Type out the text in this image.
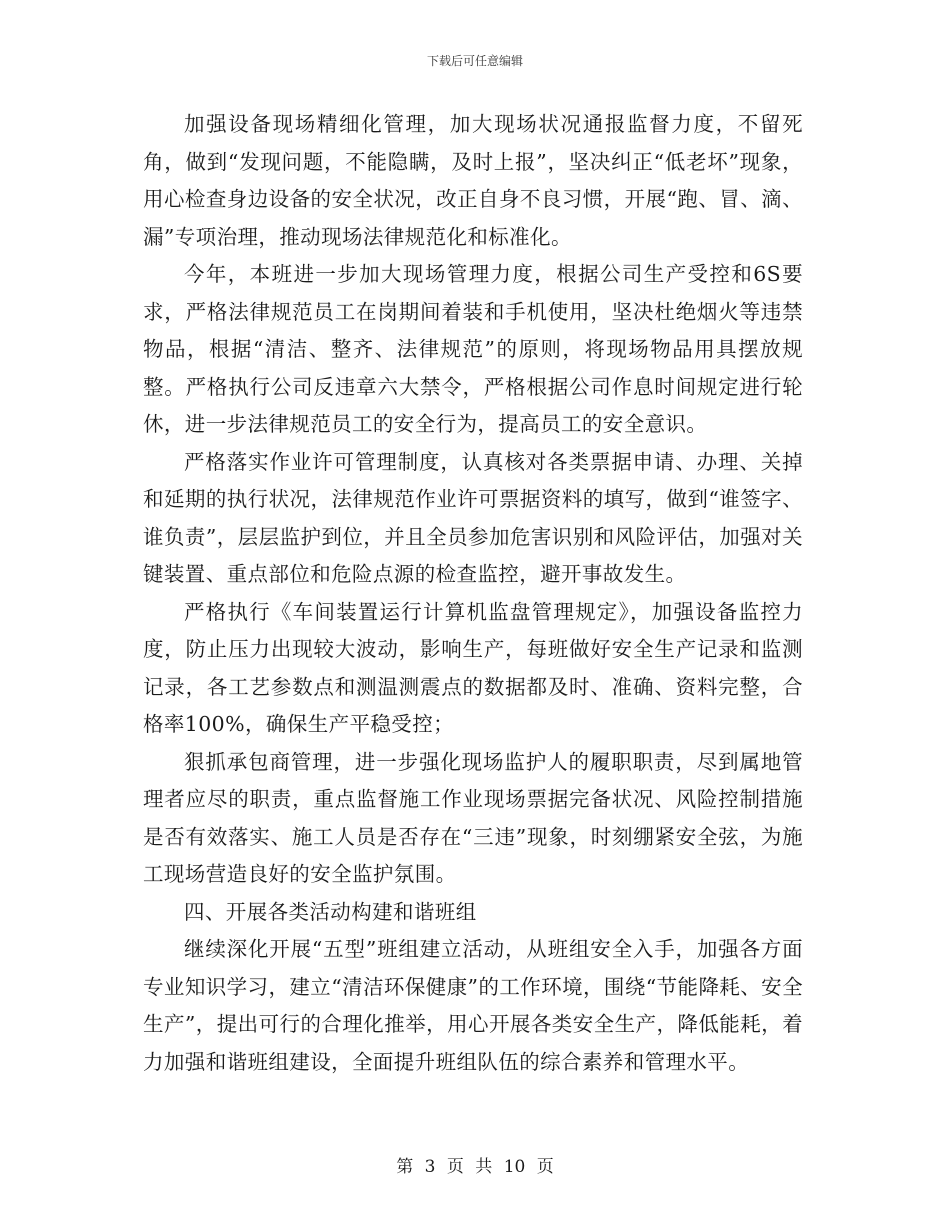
下载后可任意编辑

加强设备现场精细化管理，加大现场状况通报监督力度，不留死角，做到“发现问题，不能隐瞒，及时上报”，坚决纠正“低老坏”现象，用心检查身边设备的安全状况，改正自身不良习惯，开展“跑、冒、滴、漏”专项治理，推动现场法律规范化和标准化。

今年，本班进一步加大现场管理力度，根据公司生产受控和6S要求，严格法律规范员工在岗期间着装和手机使用，坚决杜绝烟火等违禁物品，根据“清洁、整齐、法律规范”的原则，将现场物品用具摆放规整。严格执行公司反违章六大禁令，严格根据公司作息时间规定进行轮休，进一步法律规范员工的安全行为，提高员工的安全意识。

严格落实作业许可管理制度，认真核对各类票据申请、办理、关掉和延期的执行状况，法律规范作业许可票据资料的填写，做到“谁签字、谁负责”，层层监护到位，并且全员参加危害识别和风险评估，加强对关键装置、重点部位和危险点源的检查监控，避开事故发生。

严格执行《车间装置运行计算机监盘管理规定》，加强设备监控力度，防止压力出现较大波动，影响生产，每班做好安全生产记录和监测记录，各工艺参数点和测温测震点的数据都及时、准确、资料完整，合格率100%，确保生产平稳受控；

狠抓承包商管理，进一步强化现场监护人的履职职责，尽到属地管理者应尽的职责，重点监督施工作业现场票据完备状况、风险控制措施是否有效落实、施工人员是否存在“三违”现象，时刻绷紧安全弦，为施工现场营造良好的安全监护氛围。

四、开展各类活动构建和谐班组

继续深化开展“五型”班组建立活动，从班组安全入手，加强各方面专业知识学习，建立“清洁环保健康”的工作环境，围绕“节能降耗、安全生产”，提出可行的合理化推举，用心开展各类安全生产，降低能耗，着力加强和谐班组建设，全面提升班组队伍的综合素养和管理水平。

第 3 页 共 10 页
